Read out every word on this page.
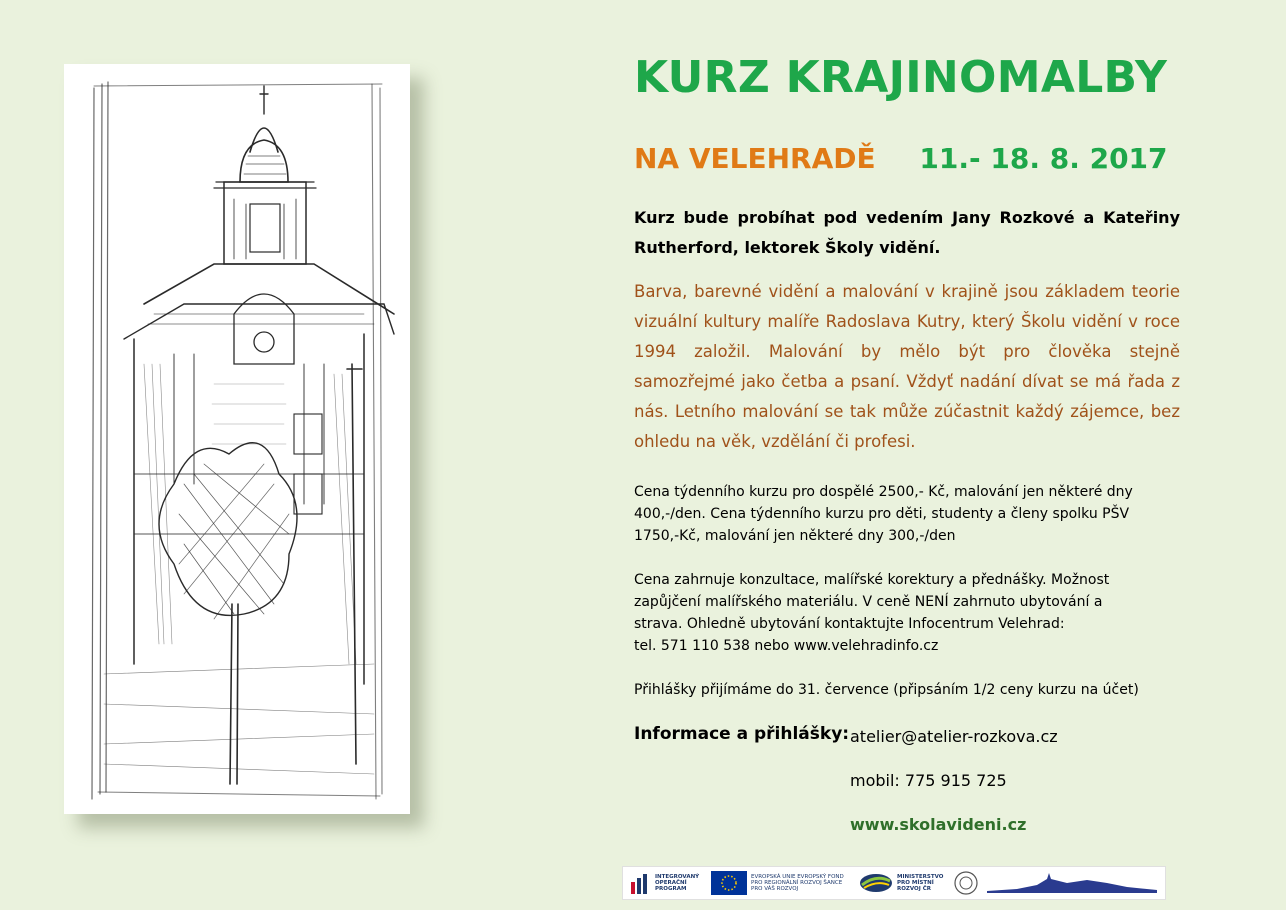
KURZ KRAJINOMALBY
NA VELEHRADĚ 11.- 18. 8. 2017

Kurz bude probíhat pod vedením Jany Rozkové a Kateřiny Rutherford, lektorek Školy vidění.

Barva, barevné vidění a malování v krajině jsou základem teorie vizuální kultury malíře Radoslava Kutry, který Školu vidění v roce 1994 založil. Malování by mělo být pro člověka stejně samozřejmé jako četba a psaní. Vždyť nadání dívat se má řada z nás. Letního malování se tak může zúčastnit každý zájemce, bez ohledu na věk, vzdělání či profesi.

Cena týdenního kurzu pro dospělé 2500,- Kč, malování jen některé dny
400,-/den. Cena týdenního kurzu pro děti, studenty a členy spolku PŠV
1750,-Kč, malování jen některé dny 300,-/den

Cena zahrnuje konzultace, malířské korektury a přednášky. Možnost
zapůjčení malířského materiálu. V ceně NENÍ zahrnuto ubytování a
strava. Ohledně ubytování kontaktujte Infocentrum Velehrad:
tel. 571 110 538 nebo www.velehradinfo.cz

Přihlášky přijímáme do 31. července (připsáním 1/2 ceny kurzu na účet)

Informace a přihlášky: atelier@atelier-rozkova.cz
mobil: 775 915 725
www.skolavideni.cz
INTEGROVANÝ OPERAČNÍ PROGRAM
EVROPSKÁ UNIE EVROPSKÝ FOND PRO REGIONÁLNÍ ROZVOJ ŠANCE PRO VÁŠ ROZVOJ
MINISTERSTVO PRO MÍSTNÍ ROZVOJ ČR
